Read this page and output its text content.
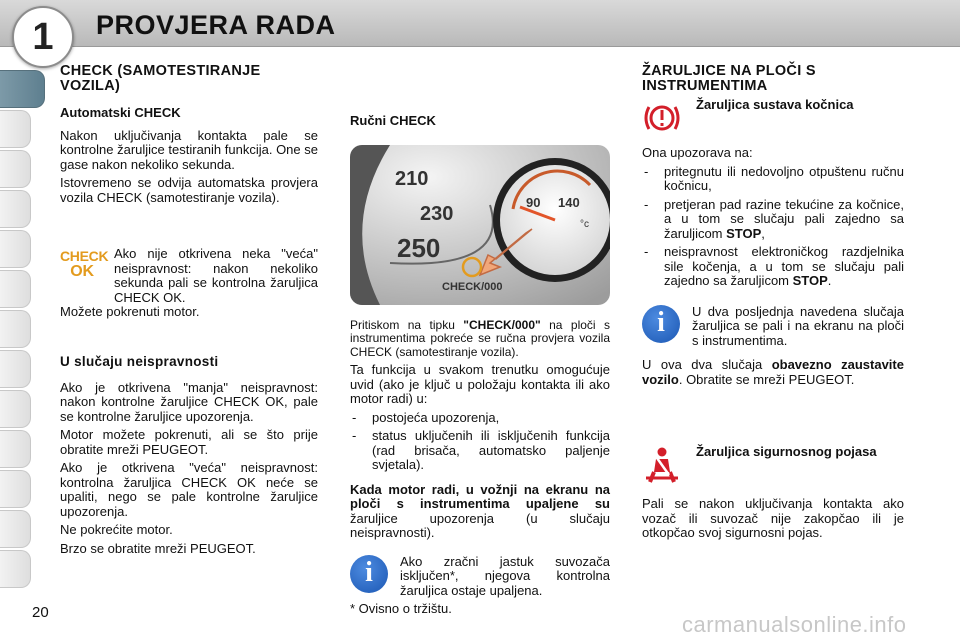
1	PROVJERA RADA
CHECK (SAMOTESTIRANJE VOZILA)
Automatski CHECK

Nakon uključivanja kontakta pale se kontrolne žaruljice testiranih funkcija. One se gase nakon nekoliko sekunda.

Istovremeno se odvija automatska provjera vozila CHECK (samotestiranje vozila).

CHECK
OK
Ako nije otkrivena neka "veća" neispravnost: nakon nekoliko sekunda pali se kontrolna žaruljica CHECK OK.

Možete pokrenuti motor.

U slučaju neispravnosti

Ako je otkrivena "manja" neispravnost: nakon kontrolne žaruljice CHECK OK, pale se kontrolne žaruljice upozorenja.

Motor možete pokrenuti, ali se što prije obratite mreži PEUGEOT.

Ako je otkrivena "veća" neispravnost: kontrolna žaruljica CHECK OK neće se upaliti, nego se pale kontrolne žaruljice upozorenja.

Ne pokrećite motor.

Brzo se obratite mreži PEUGEOT.

Ručni CHECK
210
230
250
90 140
°c
CHECK/000

Pritiskom na tipku "CHECK/000" na ploči s instrumentima pokreće se ručna provjera vozila CHECK (samotestiranje vozila).

Ta funkcija u svakom trenutku omogućuje uvid (ako je ključ u položaju kontakta ili ako motor radi) u:

- postojeća upozorenja,
- status uključenih ili isključenih funkcija (rad brisača, automatsko paljenje svjetala).

Kada motor radi, u vožnji na ekranu na ploči s instrumentima upaljene su žaruljice upozorenja (u slučaju neispravnosti).

i	Ako zračni jastuk suvozača isključen*, njegova kontrolna žaruljica ostaje upaljena.

* Ovisno o tržištu.

ŽARULJICE NA PLOČI S INSTRUMENTIMA
Žaruljica sustava kočnica

Ona upozorava na:

- pritegnutu ili nedovoljno otpuštenu ručnu kočnicu,
- pretjeran pad razine tekućine za kočnice, a u tom se slučaju pali zajedno sa žaruljicom STOP,
- neispravnost elektroničkog razdjelnika sile kočenja, a u tom se slučaju pali zajedno sa žaruljicom STOP.
i	U dva posljednja navedena slučaja žaruljica se pali i na ekranu na ploči s instrumentima.

U ova dva slučaja obavezno zaustavite vozilo. Obratite se mreži PEUGEOT.

Žaruljica sigurnosnog pojasa

Pali se nakon uključivanja kontakta ako vozač ili suvozač nije zakopčao ili je otkopčao svoj sigurnosni pojas.

20	carmanualsonline.info
